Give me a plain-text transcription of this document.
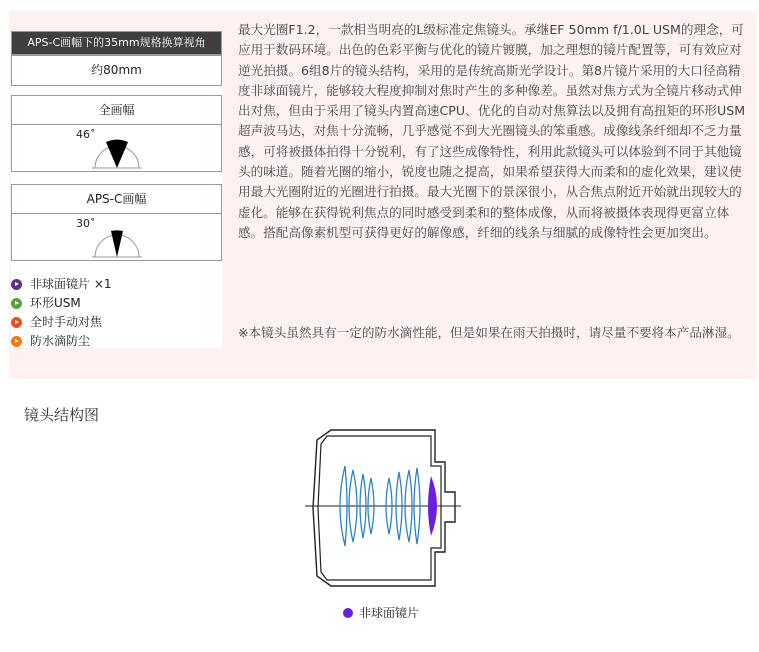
APS-C画幅下的35mm规格换算视角
约80mm
全画幅
46˚
APS-C画幅
30˚
非球面镜片 ×1
环形USM
全时手动对焦
防水滴防尘

最大光圈F1.2，一款相当明亮的L级标准定焦镜头。承继EF 50mm f/1.0L USM的理念，可应用于数码环境。出色的色彩平衡与优化的镜片镀膜，加之理想的镜片配置等，可有效应对逆光拍摄。6组8片的镜头结构，采用的是传统高斯光学设计。第8片镜片采用的大口径高精度非球面镜片，能够较大程度抑制对焦时产生的多种像差。虽然对焦方式为全镜片移动式伸出对焦，但由于采用了镜头内置高速CPU、优化的自动对焦算法以及拥有高扭矩的环形USM超声波马达，对焦十分流畅，几乎感觉不到大光圈镜头的笨重感。成像线条纤细却不乏力量感，可将被摄体拍得十分锐利，有了这些成像特性，利用此款镜头可以体验到不同于其他镜头的味道。随着光圈的缩小，锐度也随之提高，如果希望获得大而柔和的虚化效果，建议使用最大光圈附近的光圈进行拍摄。最大光圈下的景深很小，从合焦点附近开始就出现较大的虚化。能够在获得锐利焦点的同时感受到柔和的整体成像，从而将被摄体表现得更富立体感。搭配高像素机型可获得更好的解像感，纤细的线条与细腻的成像特性会更加突出。

※本镜头虽然具有一定的防水滴性能，但是如果在雨天拍摄时，请尽量不要将本产品淋湿。
镜头结构图
非球面镜片
